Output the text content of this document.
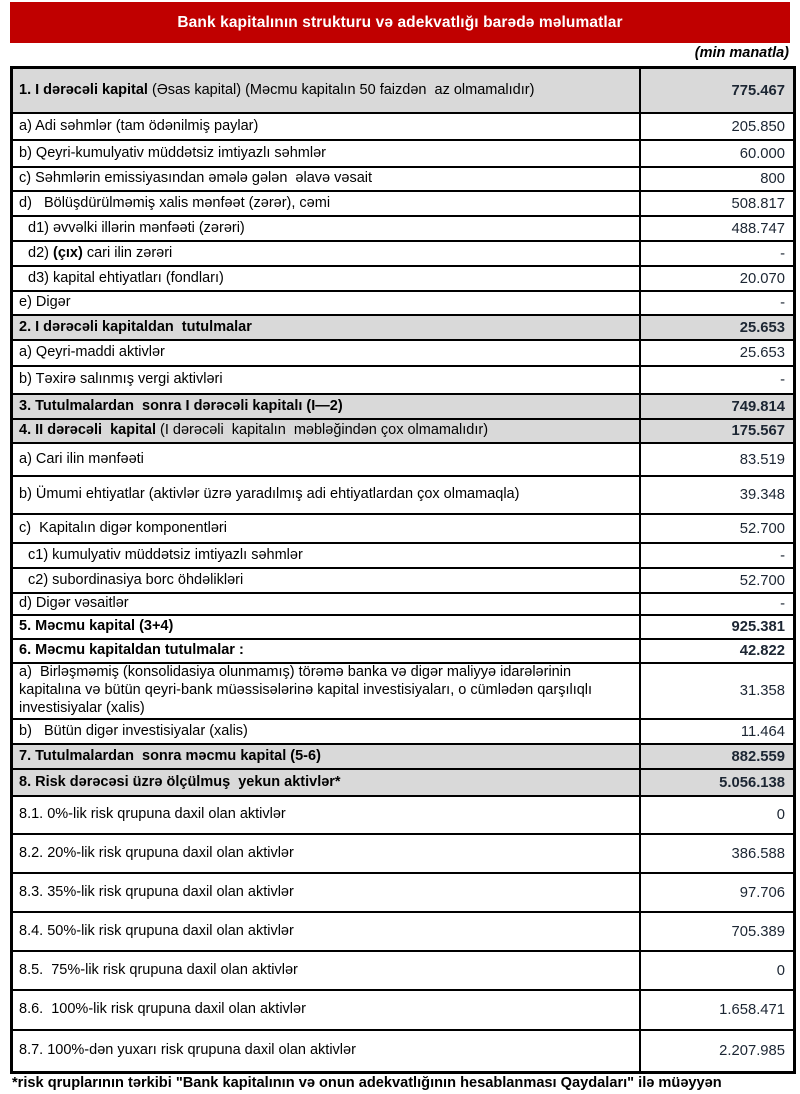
Bank kapitalının strukturu və adekvatlığı barədə məlumatlar
(min manatla)
1. I dərəcəli kapital (Əsas kapital) (Məcmu kapitalın 50 faizdən  az olmamalıdır)	775.467
a) Adi səhmlər (tam ödənilmiş paylar)	205.850
b) Qeyri-kumulyativ müddətsiz imtiyazlı səhmlər	60.000
c) Səhmlərin emissiyasından əmələ gələn  əlavə vəsait	800
d)   Bölüşdürülməmiş xalis mənfəət (zərər), cəmi	508.817
d1) əvvəlki illərin mənfəəti (zərəri)	488.747
d2) (çıx) cari ilin zərəri	-
d3) kapital ehtiyatları (fondları)	20.070
e) Digər	-
2. I dərəcəli kapitaldan  tutulmalar	25.653
a) Qeyri-maddi aktivlər	25.653
b) Təxirə salınmış vergi aktivləri	-
3. Tutulmalardan  sonra I dərəcəli kapitalı (I—2)	749.814
4. II dərəcəli  kapital (I dərəcəli  kapitalın  məbləğindən çox olmamalıdır)	175.567
a) Cari ilin mənfəəti	83.519
b) Ümumi ehtiyatlar (aktivlər üzrə yaradılmış adi ehtiyatlardan çox olmamaqla)	39.348
c)  Kapitalın digər komponentləri	52.700
c1) kumulyativ müddətsiz imtiyazlı səhmlər	-
c2) subordinasiya borc öhdəlikləri	52.700
d) Digər vəsaitlər	-
5. Məcmu kapital (3+4)	925.381
6. Məcmu kapitaldan tutulmalar :	42.822
a)  Birləşməmiş (konsolidasiya olunmamış) törəmə banka və digər maliyyə idarələrinin kapitalına və bütün qeyri-bank müəssisələrinə kapital investisiyaları, o cümlədən qarşılıqlı investisiyalar (xalis)
31.358
b)   Bütün digər investisiyalar (xalis)	11.464
7. Tutulmalardan  sonra məcmu kapital (5-6)	882.559
8. Risk dərəcəsi üzrə ölçülmuş  yekun aktivlər*	5.056.138
8.1. 0%-lik risk qrupuna daxil olan aktivlər	0
8.2. 20%-lik risk qrupuna daxil olan aktivlər	386.588
8.3. 35%-lik risk qrupuna daxil olan aktivlər	97.706
8.4. 50%-lik risk qrupuna daxil olan aktivlər	705.389
8.5.  75%-lik risk qrupuna daxil olan aktivlər	0
8.6.  100%-lik risk qrupuna daxil olan aktivlər	1.658.471
8.7. 100%-dən yuxarı risk qrupuna daxil olan aktivlər	2.207.985
*risk qruplarının tərkibi "Bank kapitalının və onun adekvatlığının hesablanması Qaydaları" ilə müəyyən
